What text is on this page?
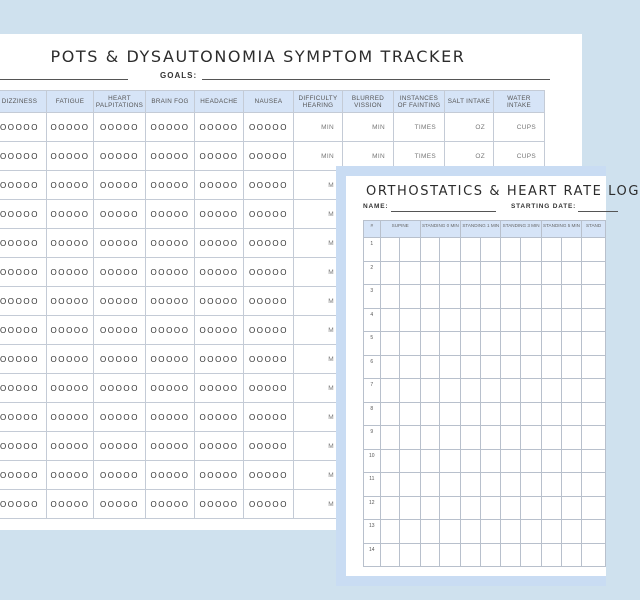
POTS & DYSAUTONOMIA SYMPTOM TRACKER
GOALS:
DIZZINESS	FATIGUE	HEART PALPITATIONS	BRAIN FOG	HEADACHE	NAUSEA	DIFFICULTY HEARING	BLURRED VISSION	INSTANCES OF FAINTING	SALT INTAKE	WATER INTAKE
OOOOO	OOOOO	OOOOO	OOOOO	OOOOO	OOOOO	MIN	MIN	TIMES	OZ	CUPS
OOOOO	OOOOO	OOOOO	OOOOO	OOOOO	OOOOO	MIN	MIN	TIMES	OZ	CUPS
OOOOO	OOOOO	OOOOO	OOOOO	OOOOO	OOOOO	M				
OOOOO	OOOOO	OOOOO	OOOOO	OOOOO	OOOOO	M				
OOOOO	OOOOO	OOOOO	OOOOO	OOOOO	OOOOO	M				
OOOOO	OOOOO	OOOOO	OOOOO	OOOOO	OOOOO	M				
OOOOO	OOOOO	OOOOO	OOOOO	OOOOO	OOOOO	M				
OOOOO	OOOOO	OOOOO	OOOOO	OOOOO	OOOOO	M				
OOOOO	OOOOO	OOOOO	OOOOO	OOOOO	OOOOO	M				
OOOOO	OOOOO	OOOOO	OOOOO	OOOOO	OOOOO	M				
OOOOO	OOOOO	OOOOO	OOOOO	OOOOO	OOOOO	M				
OOOOO	OOOOO	OOOOO	OOOOO	OOOOO	OOOOO	M				
OOOOO	OOOOO	OOOOO	OOOOO	OOOOO	OOOOO	M				
OOOOO	OOOOO	OOOOO	OOOOO	OOOOO	OOOOO	M				
ORTHOSTATICS & HEART RATE LOG
NAME:	STARTING DATE:
#	SUPINE		STANDING 0 MIN		STANDING 1 MIN		STANDING 3 MIN		STANDING 5 MIN		STAND
1											
2											
3											
4											
5											
6											
7											
8											
9											
10											
11											
12											
13											
14											
